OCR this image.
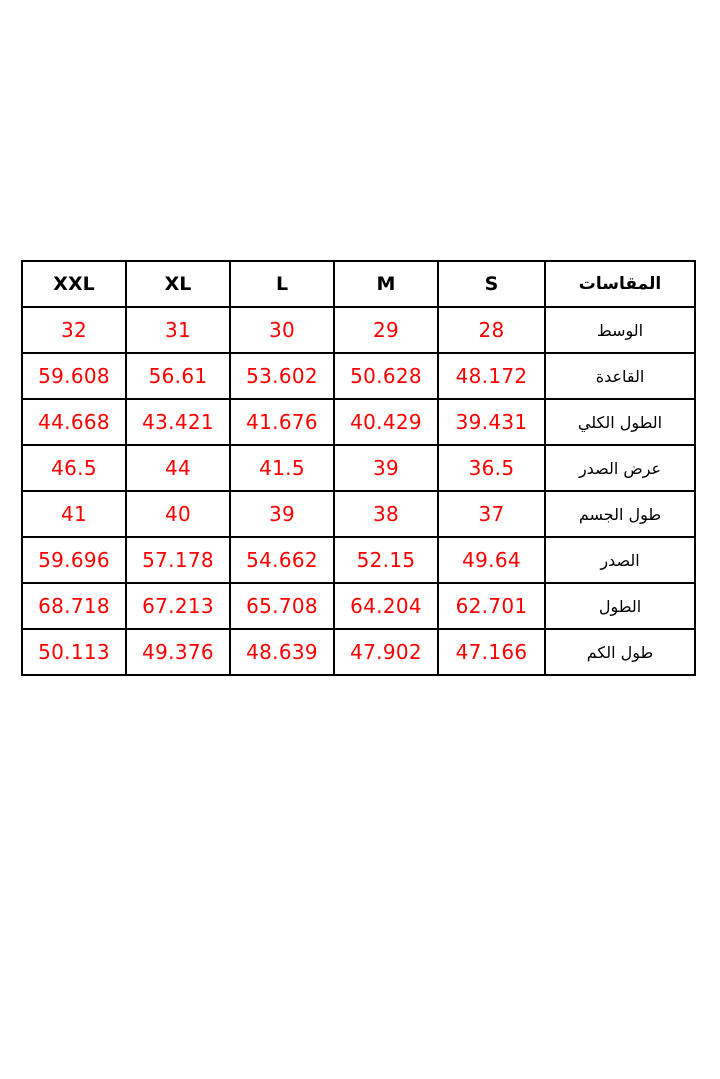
المقاسات	S	M	L	XL	XXL
الوسط	28	29	30	31	32
القاعدة	48.172	50.628	53.602	56.61	59.608
الطول الكلي	39.431	40.429	41.676	43.421	44.668
عرض الصدر	36.5	39	41.5	44	46.5
طول الجسم	37	38	39	40	41
الصدر	49.64	52.15	54.662	57.178	59.696
الطول	62.701	64.204	65.708	67.213	68.718
طول الكم	47.166	47.902	48.639	49.376	50.113
